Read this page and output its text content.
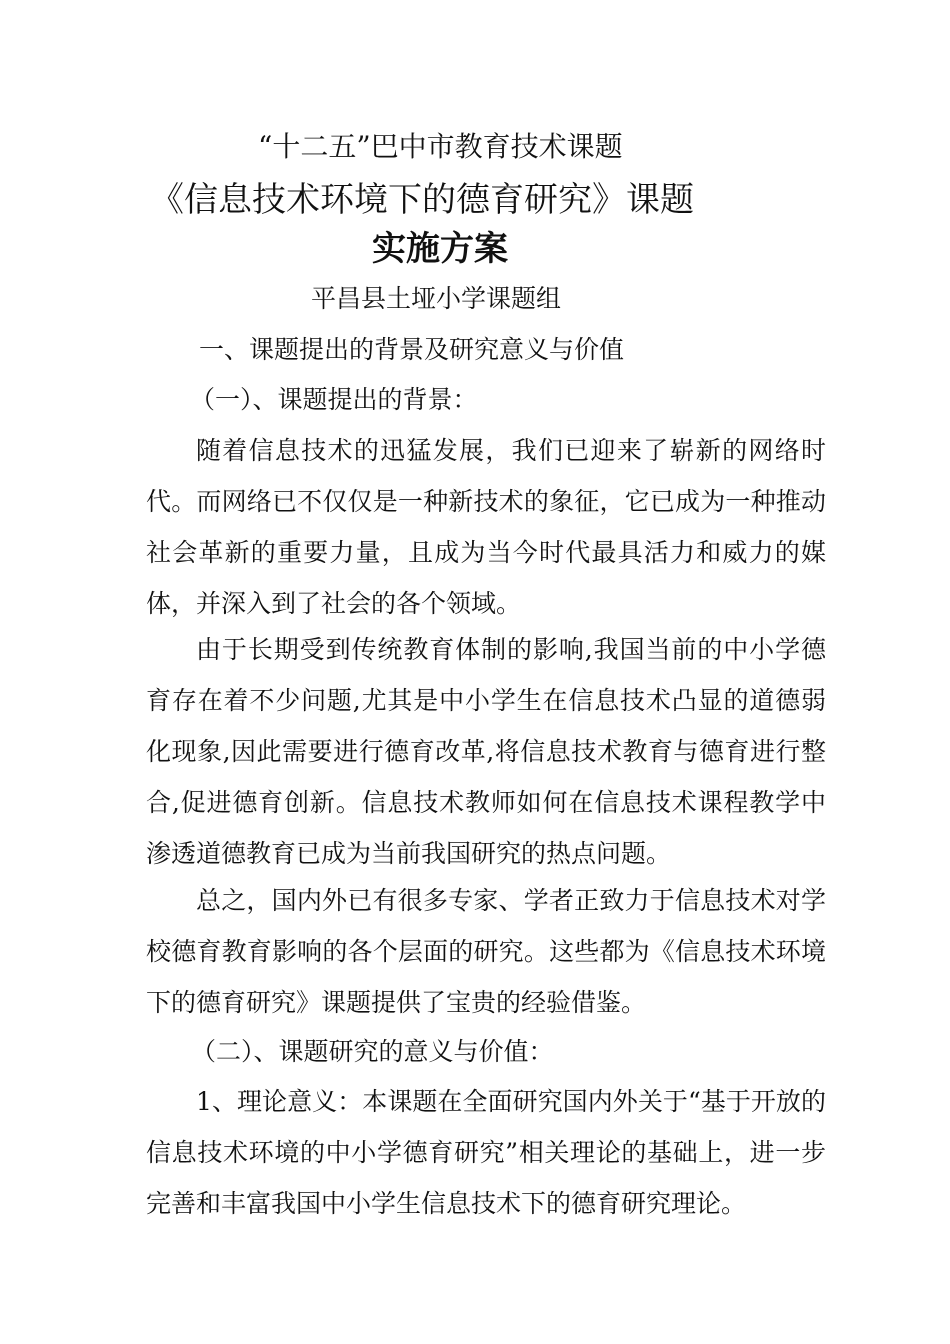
“十二五”巴中市教育技术课题
《信息技术环境下的德育研究》课题
实施方案
平昌县土垭小学课题组
一、课题提出的背景及研究意义与价值
（一）、课题提出的背景：
随着信息技术的迅猛发展，我们已迎来了崭新的网络时代。而网络已不仅仅是一种新技术的象征，它已成为一种推动社会革新的重要力量，且成为当今时代最具活力和威力的媒体，并深入到了社会的各个领域。
由于长期受到传统教育体制的影响,我国当前的中小学德育存在着不少问题,尤其是中小学生在信息技术凸显的道德弱化现象,因此需要进行德育改革,将信息技术教育与德育进行整合,促进德育创新。信息技术教师如何在信息技术课程教学中渗透道德教育已成为当前我国研究的热点问题。
总之，国内外已有很多专家、学者正致力于信息技术对学校德育教育影响的各个层面的研究。这些都为《信息技术环境下的德育研究》课题提供了宝贵的经验借鉴。
（二）、课题研究的意义与价值：
1、理论意义：本课题在全面研究国内外关于“基于开放的信息技术环境的中小学德育研究”相关理论的基础上，进一步完善和丰富我国中小学生信息技术下的德育研究理论。
